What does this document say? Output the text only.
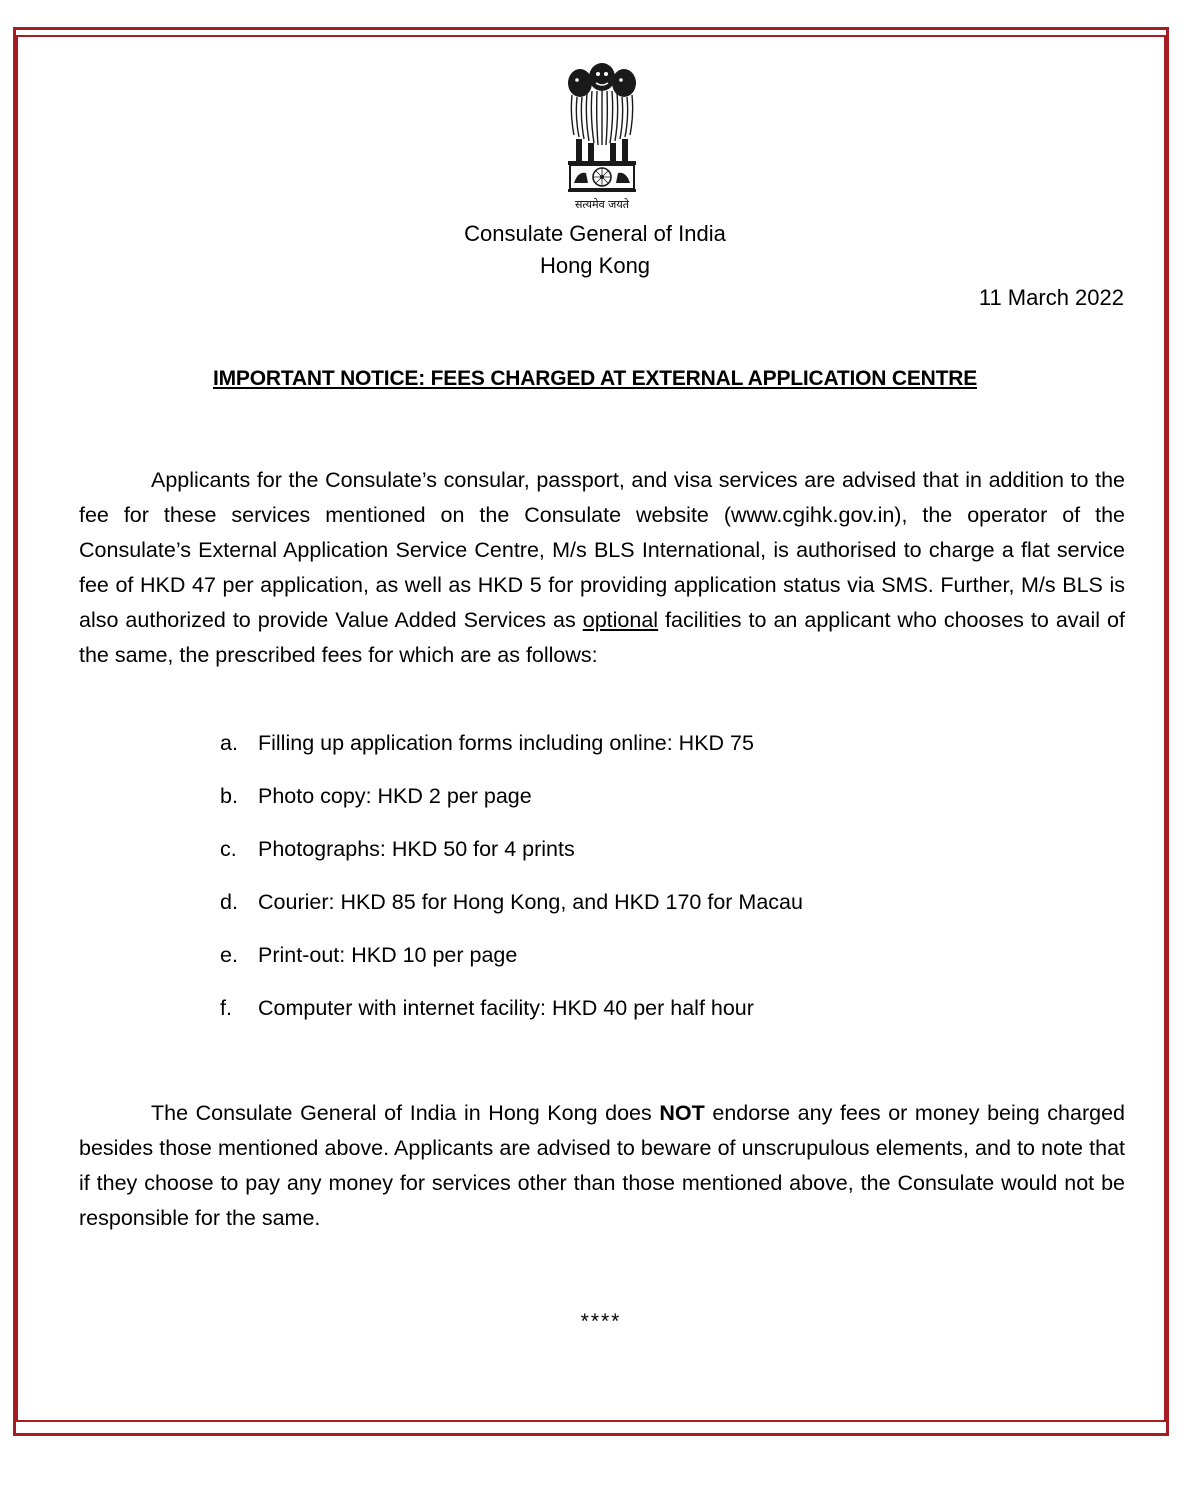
सत्यमेव जयते
Consulate General of India
Hong Kong
11 March 2022
IMPORTANT NOTICE: FEES CHARGED AT EXTERNAL APPLICATION CENTRE

Applicants for the Consulate’s consular, passport, and visa services are advised that in addition to the fee for these services mentioned on the Consulate website (www.cgihk.gov.in), the operator of the Consulate’s External Application Service Centre, M/s BLS International, is authorised to charge a flat service fee of HKD 47 per application, as well as HKD 5 for providing application status via SMS. Further, M/s BLS is also authorized to provide Value Added Services as optional facilities to an applicant who chooses to avail of the same, the prescribed fees for which are as follows:

a. Filling up application forms including online: HKD 75
b. Photo copy: HKD 2 per page
c. Photographs: HKD 50 for 4 prints
d. Courier: HKD 85 for Hong Kong, and HKD 170 for Macau
e. Print-out: HKD 10 per page
f. Computer with internet facility: HKD 40 per half hour

The Consulate General of India in Hong Kong does NOT endorse any fees or money being charged besides those mentioned above. Applicants are advised to beware of unscrupulous elements, and to note that if they choose to pay any money for services other than those mentioned above, the Consulate would not be responsible for the same.

****
